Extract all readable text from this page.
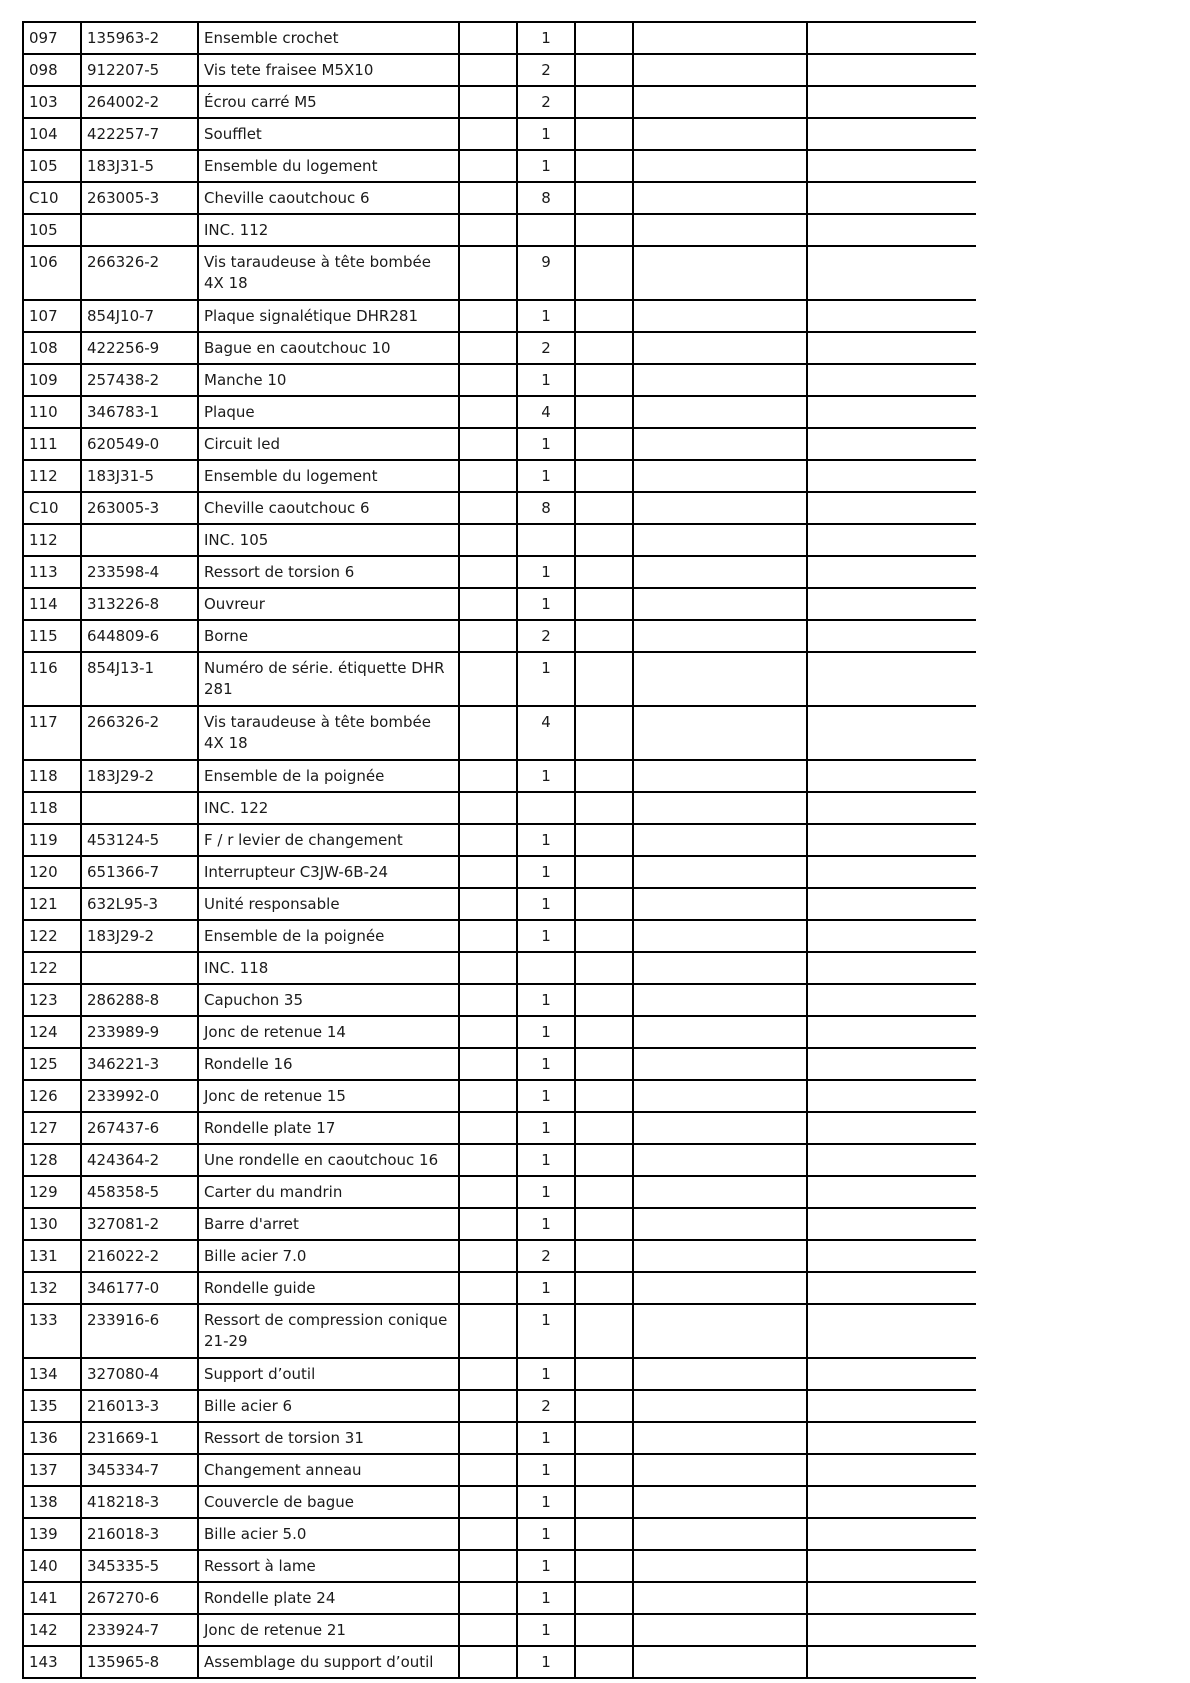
097	135963-2	Ensemble crochet		1			
098	912207-5	Vis tete fraisee M5X10		2			
103	264002-2	Écrou carré M5		2			
104	422257-7	Soufflet		1			
105	183J31-5	Ensemble du logement		1			
C10	263005-3	Cheville caoutchouc 6		8			
105		INC. 112					
106	266326-2	Vis taraudeuse à tête bombée 4X 18		9			
107	854J10-7	Plaque signalétique DHR281		1			
108	422256-9	Bague en caoutchouc 10		2			
109	257438-2	Manche 10		1			
110	346783-1	Plaque		4			
111	620549-0	Circuit led		1			
112	183J31-5	Ensemble du logement		1			
C10	263005-3	Cheville caoutchouc 6		8			
112		INC. 105					
113	233598-4	Ressort de torsion 6		1			
114	313226-8	Ouvreur		1			
115	644809-6	Borne		2			
116	854J13-1	Numéro de série. étiquette DHR 281		1			
117	266326-2	Vis taraudeuse à tête bombée 4X 18		4			
118	183J29-2	Ensemble de la poignée		1			
118		INC. 122					
119	453124-5	F / r levier de changement		1			
120	651366-7	Interrupteur C3JW-6B-24		1			
121	632L95-3	Unité responsable		1			
122	183J29-2	Ensemble de la poignée		1			
122		INC. 118					
123	286288-8	Capuchon 35		1			
124	233989-9	Jonc de retenue 14		1			
125	346221-3	Rondelle 16		1			
126	233992-0	Jonc de retenue 15		1			
127	267437-6	Rondelle plate 17		1			
128	424364-2	Une rondelle en caoutchouc 16		1			
129	458358-5	Carter du mandrin		1			
130	327081-2	Barre d'arret		1			
131	216022-2	Bille acier 7.0		2			
132	346177-0	Rondelle guide		1			
133	233916-6	Ressort de compression conique 21-29		1			
134	327080-4	Support d’outil		1			
135	216013-3	Bille acier 6		2			
136	231669-1	Ressort de torsion 31		1			
137	345334-7	Changement anneau		1			
138	418218-3	Couvercle de bague		1			
139	216018-3	Bille acier 5.0		1			
140	345335-5	Ressort à lame		1			
141	267270-6	Rondelle plate 24		1			
142	233924-7	Jonc de retenue 21		1			
143	135965-8	Assemblage du support d’outil		1			
